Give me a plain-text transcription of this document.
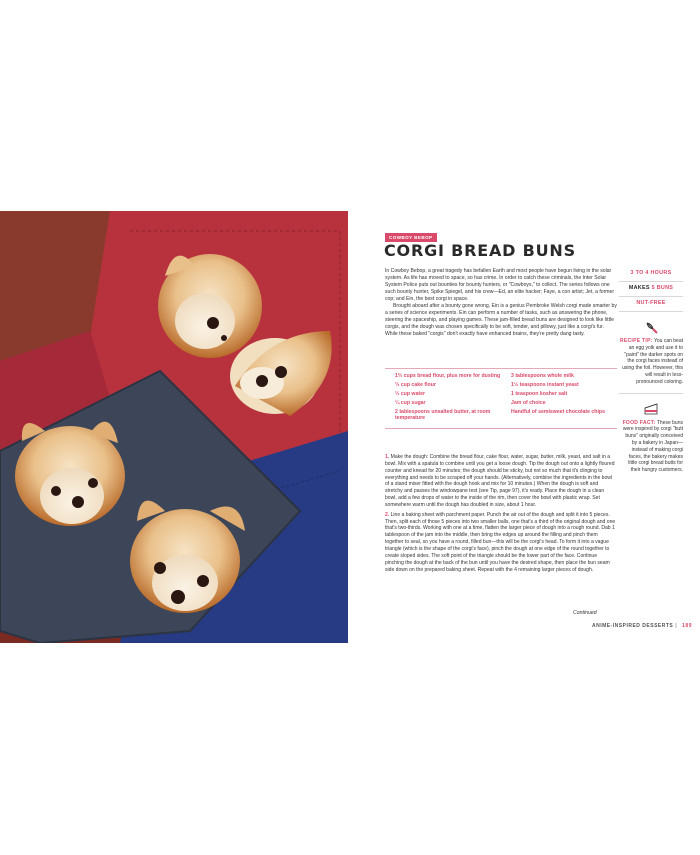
COWBOY BEBOP
CORGI BREAD BUNS

In Cowboy Bebop, a great tragedy has befallen Earth and most people have begun living in the solar system. As life has moved to space, so has crime. In order to catch these criminals, the Inter Solar System Police puts out bounties for bounty hunters, or "Cowboys," to collect. The series follows one such bounty hunter, Spike Spiegel, and his crew—Ed, an elite hacker; Faye, a con artist; Jet, a former cop; and Ein, the best corgi in space.

Brought aboard after a bounty gone wrong, Ein is a genius Pembroke Welsh corgi made smarter by a series of science experiments. Ein can perform a number of tasks, such as answering the phone, steering the spaceship, and playing games. These jam-filled bread buns are designed to look like little corgis, and the dough was chosen specifically to be soft, tender, and pillowy, just like a corgi's fur. While these baked "corgis" don't exactly have enhanced brains, they're pretty dang tasty.

3 TO 4 HOURS
MAKES 5 BUNS
NUT-FREE
RECIPE TIP: You can beat an egg yolk and use it to "paint" the darker spots on the corgi faces instead of using the foil. However, this will result in less-pronounced coloring.
FOOD FACT: These buns were inspired by corgi "butt buns" originally conceived by a bakery in Japan—instead of making corgi faces, the bakery makes little corgi bread butts for their hungry customers.
1⅔ cups bread flour, plus more for dusting
⅓ cup cake flour
⅓ cup water
¼ cup sugar
2 tablespoons unsalted butter, at room temperature
3 tablespoons whole milk
1½ teaspoons instant yeast
1 teaspoon kosher salt
Jam of choice
Handful of semisweet chocolate chips

1. Make the dough: Combine the bread flour, cake flour, water, sugar, butter, milk, yeast, and salt in a bowl. Mix with a spatula to combine until you get a loose dough. Tip the dough out onto a lightly floured counter and knead for 20 minutes; the dough should be sticky, but not so much that it's clinging to everything and needs to be scraped off your hands. (Alternatively, combine the ingredients in the bowl of a stand mixer fitted with the dough hook and mix for 10 minutes.) When the dough is soft and stretchy and passes the windowpane test (see Tip, page 97), it's ready. Place the dough in a clean bowl, add a few drops of water to the inside of the rim, then cover the bowl with plastic wrap. Set somewhere warm until the dough has doubled in size, about 1 hour.

2. Line a baking sheet with parchment paper. Punch the air out of the dough and split it into 5 pieces. Then, split each of those 5 pieces into two smaller balls, one that's a third of the original dough and one that's two-thirds. Working with one at a time, flatten the larger piece of dough into a rough round. Dab 1 tablespoon of the jam into the middle, then bring the edges up around the filling and pinch them together to seal, so you have a round, filled bun—this will be the corgi's head. To form it into a vague triangle (which is the shape of the corgi's face), pinch the dough at one edge of the round together to create sloped sides. The soft point of the triangle should be the lower part of the face. Continue pinching the dough at the back of the bun until you have the desired shape, then place the bun seam side down on the prepared baking sheet. Repeat with the 4 remaining larger pieces of dough.

Continued
ANIME-INSPIRED DESSERTS | 189
